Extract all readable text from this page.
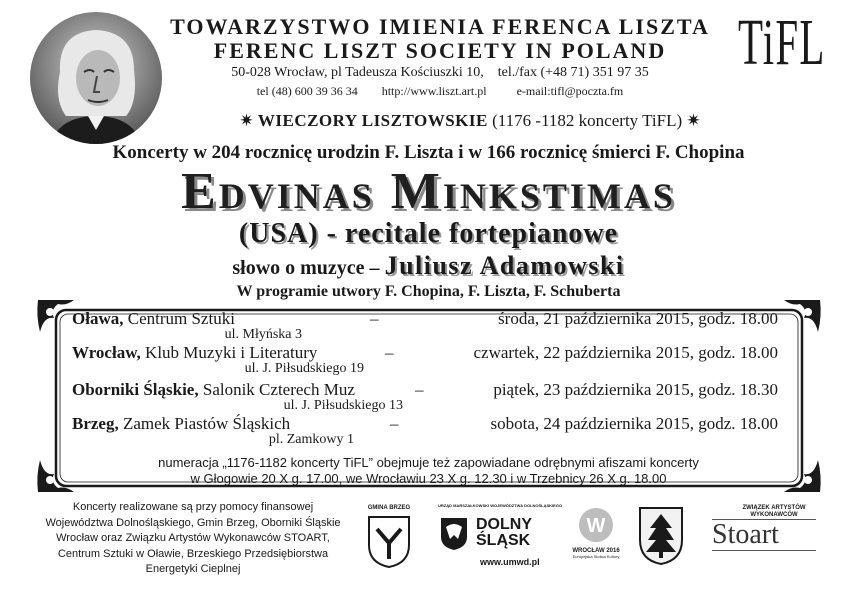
TOWARZYSTWO IMIENIA FERENCA LISZTA
FERENC LISZT SOCIETY IN POLAND
50-028 Wrocław, pl Tadeusza Kościuszki 10,    tel./fax (+48 71) 351 97 35
tel (48) 600 39 36 34        http://www.liszt.art.pl          e-mail:tifl@poczta.fm
TiFL
✷ WIECZORY LISZTOWSKIE (1176 -1182 koncerty TiFL) ✷
Koncerty w 204 rocznicę urodzin F. Liszta i w 166 rocznicę śmierci F. Chopina
Edvinas Minkstimas
(USA) - recitale fortepianowe
słowo o muzyce – Juliusz Adamowski
W programie utwory F. Chopina, F. Liszta, F. Schuberta
Oława, Centrum Sztuki
ul. Młyńska 3
–	środa, 21 października 2015, godz. 18.00
Wrocław, Klub Muzyki i Literatury
ul. J. Piłsudskiego 19
–	czwartek, 22 października 2015, godz. 18.00
Oborniki Śląskie, Salonik Czterech Muz
ul. J. Piłsudskiego 13
–	piątek, 23 października 2015, godz. 18.30
Brzeg, Zamek Piastów Śląskich
pl. Zamkowy 1
–	sobota, 24 października 2015, godz. 18.00
numeracja „1176-1182 koncerty TiFL” obejmuje też zapowiadane odrębnymi afiszami koncerty
w Głogowie 20 X g. 17.00, we Wrocławiu 23 X g. 12.30 i w Trzebnicy 26 X g. 18.00
Koncerty realizowane są przy pomocy finansowej
Województwa Dolnośląskiego, Gmin Brzeg, Oborniki Śląskie
Wrocław oraz Związku Artystów Wykonawców STOART,
Centrum Sztuki w Oławie, Brzeskiego Przedsiębiorstwa
Energetyki Cieplnej
GMINA BRZEG	URZĄD MARSZAŁKOWSKI WOJEWÓDZTWA DOLNOŚLĄSKIEGO
DOLNY
ŚLĄSK
www.umwd.pl
W
WROCŁAW 2016
Europejska Stolica Kultury
ZWIĄZEK ARTYSTÓW WYKONAWCÓW
Stoart
